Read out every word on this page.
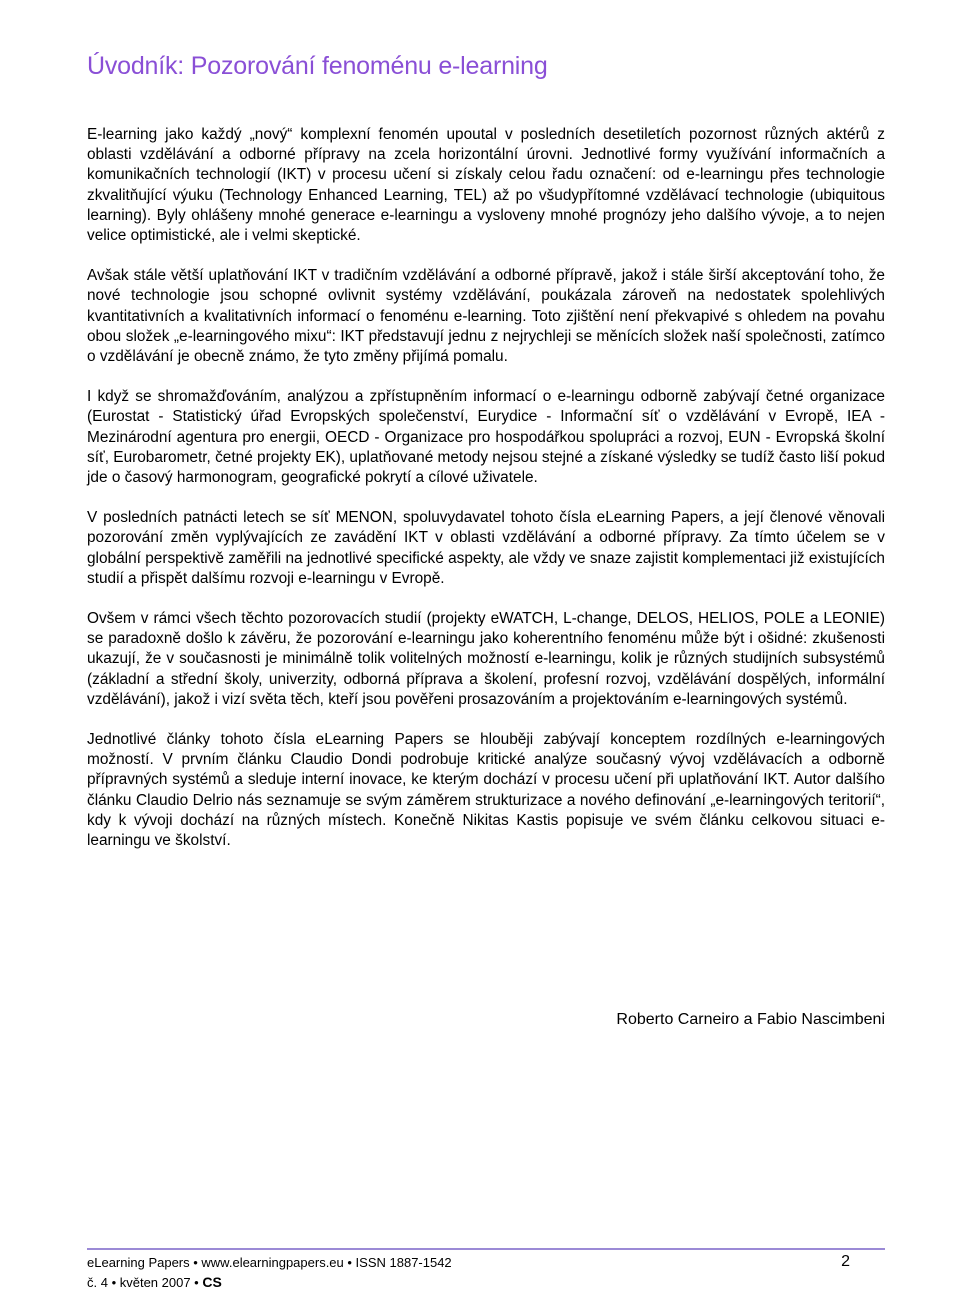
Úvodník: Pozorování fenoménu e-learning

E-learning jako každý „nový“ komplexní fenomén upoutal v posledních desetiletích pozornost různých aktérů z oblasti vzdělávání a odborné přípravy na zcela horizontální úrovni. Jednotlivé formy využívání informačních a komunikačních technologií (IKT) v procesu učení si získaly celou řadu označení: od e-learningu přes technologie zkvalitňující výuku (Technology Enhanced Learning, TEL) až po všudypřítomné vzdělávací technologie (ubiquitous learning). Byly ohlášeny mnohé generace e-learningu a vysloveny mnohé prognózy jeho dalšího vývoje, a to nejen velice optimistické, ale i velmi skeptické.

Avšak stále větší uplatňování IKT v tradičním vzdělávání a odborné přípravě, jakož i stále širší akceptování toho, že nové technologie jsou schopné ovlivnit systémy vzdělávání, poukázala zároveň na nedostatek spolehlivých kvantitativních a kvalitativních informací o fenoménu e-learning. Toto zjištění není překvapivé s ohledem na povahu obou složek „e-learningového mixu“: IKT představují jednu z nejrychleji se měnících složek naší společnosti, zatímco o vzdělávání je obecně známo, že tyto změny přijímá pomalu.

I když se shromažďováním, analýzou a zpřístupněním informací o e-learningu odborně zabývají četné organizace (Eurostat - Statistický úřad Evropských společenství, Eurydice - Informační síť o vzdělávání v Evropě, IEA - Mezinárodní agentura pro energii, OECD - Organizace pro hospodářkou spolupráci a rozvoj, EUN - Evropská školní síť, Eurobarometr, četné projekty EK), uplatňované metody nejsou stejné a získané výsledky se tudíž často liší pokud jde o časový harmonogram, geografické pokrytí a cílové uživatele.

V posledních patnácti letech se síť MENON, spoluvydavatel tohoto čísla eLearning Papers, a její členové věnovali pozorování změn vyplývajících ze zavádění IKT v oblasti vzdělávání a odborné přípravy. Za tímto účelem se v globální perspektivě zaměřili na jednotlivé specifické aspekty, ale vždy ve snaze zajistit komplementaci již existujících studií a přispět dalšímu rozvoji e-learningu v Evropě.

Ovšem v rámci všech těchto pozorovacích studií (projekty eWATCH, L-change, DELOS, HELIOS, POLE a LEONIE) se paradoxně došlo k závěru, že pozorování e-learningu jako koherentního fenoménu může být i ošidné: zkušenosti ukazují, že v současnosti je minimálně tolik volitelných možností e-learningu, kolik je různých studijních subsystémů (základní a střední školy, univerzity, odborná příprava a školení, profesní rozvoj, vzdělávání dospělých, informální vzdělávání), jakož i vizí světa těch, kteří jsou pověřeni prosazováním a projektováním e-learningových systémů.

Jednotlivé články tohoto čísla eLearning Papers se hlouběji zabývají konceptem rozdílných e-learningových možností. V prvním článku Claudio Dondi podrobuje kritické analýze současný vývoj vzdělávacích a odborně přípravných systémů a sleduje interní inovace, ke kterým dochází v procesu učení při uplatňování IKT. Autor dalšího článku Claudio Delrio nás seznamuje se svým záměrem strukturizace a nového definování „e-learningových teritorií“, kdy k vývoji dochází na různých místech. Konečně Nikitas Kastis popisuje ve svém článku celkovou situaci e-learningu ve školství.

Roberto Carneiro a Fabio Nascimbeni
eLearning Papers • www.elearningpapers.eu • ISSN 1887-1542	2
č. 4 • květen 2007 • CS
